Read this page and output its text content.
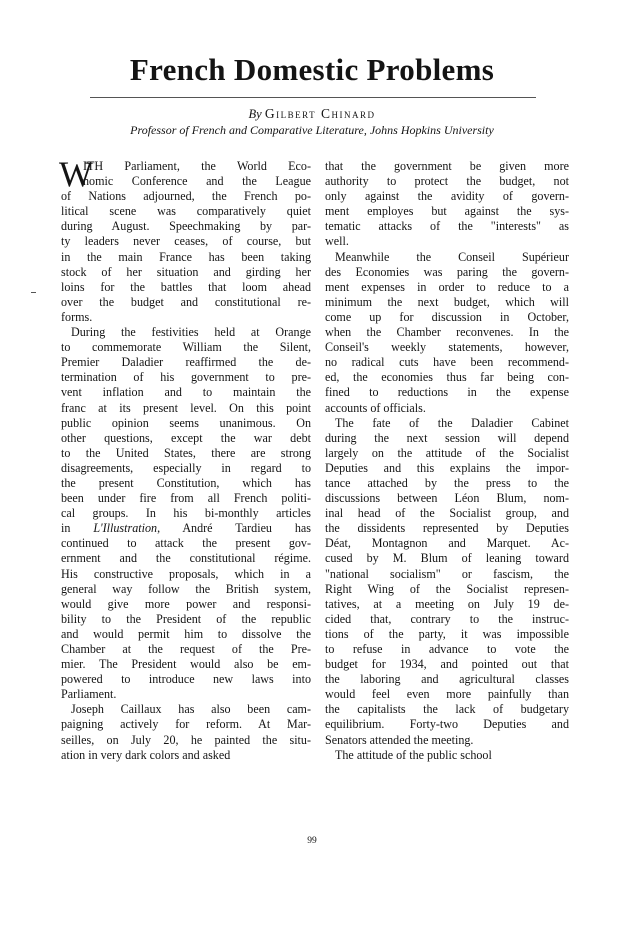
French Domestic Problems
By Gilbert Chinard
Professor of French and Comparative Literature, Johns Hopkins University
W
ITH Parliament, the World Eco-
nomic Conference and the League
of Nations adjourned, the French po-
litical scene was comparatively quiet
during August. Speechmaking by par-
ty leaders never ceases, of course, but
in the main France has been taking
stock of her situation and girding her
loins for the battles that loom ahead
over the budget and constitutional re-
forms.
During the festivities held at Orange
to commemorate William the Silent,
Premier Daladier reaffirmed the de-
termination of his government to pre-
vent inflation and to maintain the
franc at its present level. On this point
public opinion seems unanimous. On
other questions, except the war debt
to the United States, there are strong
disagreements, especially in regard to
the present Constitution, which has
been under fire from all French politi-
cal groups. In his bi-monthly articles
in L'Illustration, André Tardieu has
continued to attack the present gov-
ernment and the constitutional régime.
His constructive proposals, which in a
general way follow the British system,
would give more power and responsi-
bility to the President of the republic
and would permit him to dissolve the
Chamber at the request of the Pre-
mier. The President would also be em-
powered to introduce new laws into
Parliament.
Joseph Caillaux has also been cam-
paigning actively for reform. At Mar-
seilles, on July 20, he painted the situ-
ation in very dark colors and asked
that the government be given more
authority to protect the budget, not
only against the avidity of govern-
ment employes but against the sys-
tematic attacks of the "interests" as
well.
Meanwhile the Conseil Supérieur
des Economies was paring the govern-
ment expenses in order to reduce to a
minimum the next budget, which will
come up for discussion in October,
when the Chamber reconvenes. In the
Conseil's weekly statements, however,
no radical cuts have been recommend-
ed, the economies thus far being con-
fined to reductions in the expense
accounts of officials.
The fate of the Daladier Cabinet
during the next session will depend
largely on the attitude of the Socialist
Deputies and this explains the impor-
tance attached by the press to the
discussions between Léon Blum, nom-
inal head of the Socialist group, and
the dissidents represented by Deputies
Déat, Montagnon and Marquet. Ac-
cused by M. Blum of leaning toward
"national socialism" or fascism, the
Right Wing of the Socialist represen-
tatives, at a meeting on July 19 de-
cided that, contrary to the instruc-
tions of the party, it was impossible
to refuse in advance to vote the
budget for 1934, and pointed out that
the laboring and agricultural classes
would feel even more painfully than
the capitalists the lack of budgetary
equilibrium. Forty-two Deputies and
Senators attended the meeting.
The attitude of the public school
99
